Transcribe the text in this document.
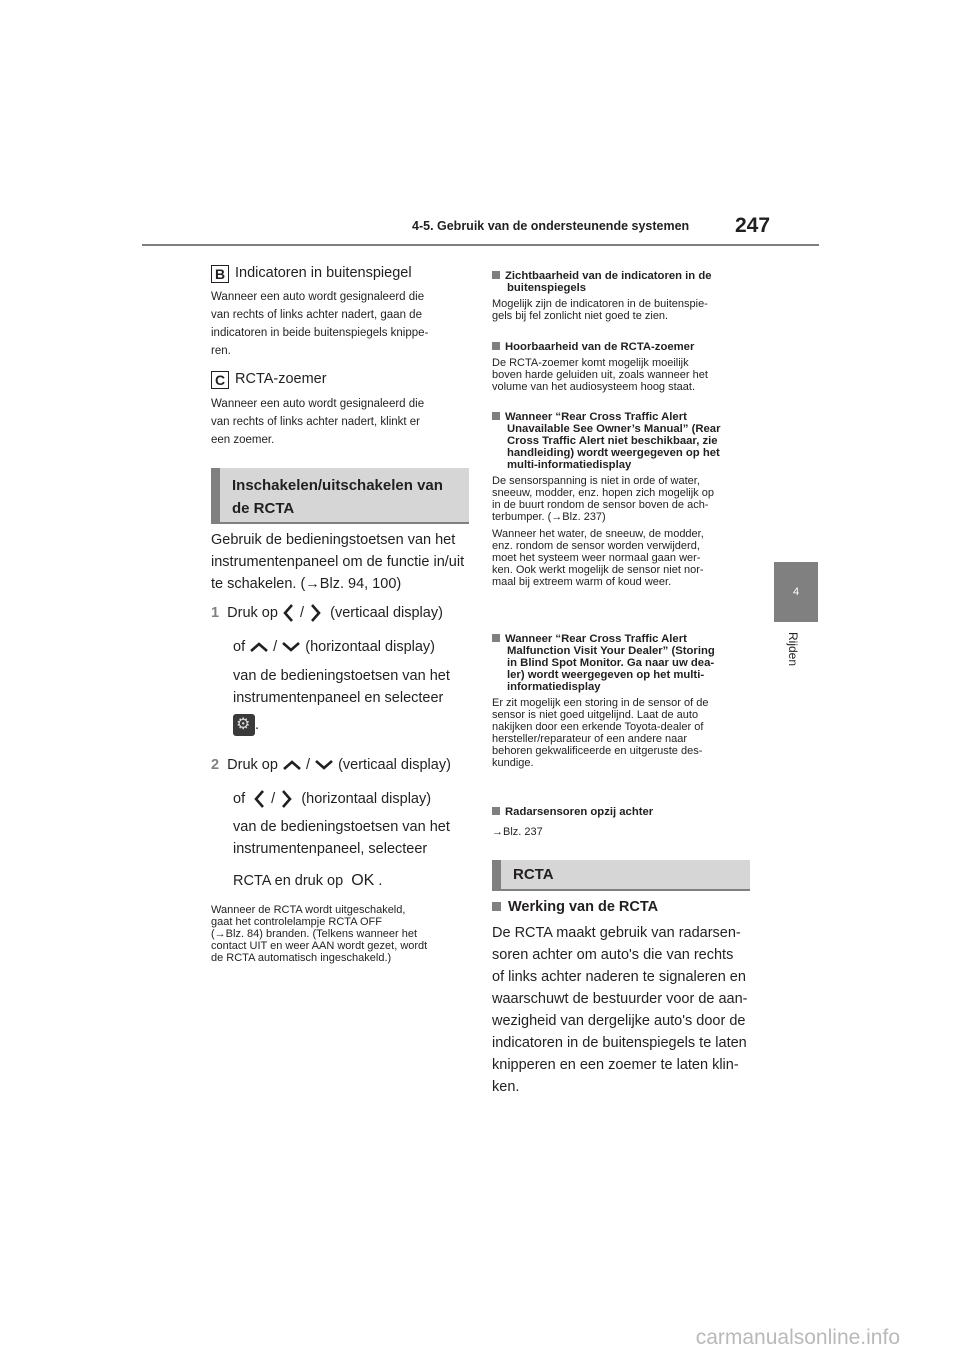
4-5. Gebruik van de ondersteunende systemen 247
4
Rijden
B Indicatoren in buitenspiegel
Wanneer een auto wordt gesignaleerd die
van rechts of links achter nadert, gaan de
indicatoren in beide buitenspiegels knippe-
ren.
C RCTA-zoemer
Wanneer een auto wordt gesignaleerd die
van rechts of links achter nadert, klinkt er
een zoemer.
Inschakelen/uitschakelen van
de RCTA
Gebruik de bedieningstoetsen van het
instrumentenpaneel om de functie in/uit
te schakelen. (→Blz. 94, 100)
1 Druk op / (verticaal display)
of
/
(horizontaal display)
van de bedieningstoetsen van het
instrumentenpaneel en selecteer
⚙ .
2 Druk op / (verticaal display)
of
/
(horizontaal display)
van de bedieningstoetsen van het
instrumentenpaneel, selecteer
RCTA en druk op OK .
Wanneer de RCTA wordt uitgeschakeld,
gaat het controlelampje RCTA OFF
(→Blz. 84) branden. (Telkens wanneer het
contact UIT en weer AAN wordt gezet, wordt
de RCTA automatisch ingeschakeld.)
Zichtbaarheid van de indicatoren in de
buitenspiegels
Mogelijk zijn de indicatoren in de buitenspie-
gels bij fel zonlicht niet goed te zien.
Hoorbaarheid van de RCTA-zoemer
De RCTA-zoemer komt mogelijk moeilijk
boven harde geluiden uit, zoals wanneer het
volume van het audiosysteem hoog staat.
Wanneer “Rear Cross Traffic Alert
Unavailable See Owner’s Manual” (Rear
Cross Traffic Alert niet beschikbaar, zie
handleiding) wordt weergegeven op het
multi-informatiedisplay
De sensorspanning is niet in orde of water,
sneeuw, modder, enz. hopen zich mogelijk op
in de buurt rondom de sensor boven de ach-
terbumper. (→Blz. 237)
Wanneer het water, de sneeuw, de modder,
enz. rondom de sensor worden verwijderd,
moet het systeem weer normaal gaan wer-
ken. Ook werkt mogelijk de sensor niet nor-
maal bij extreem warm of koud weer.
Wanneer “Rear Cross Traffic Alert
Malfunction Visit Your Dealer” (Storing
in Blind Spot Monitor. Ga naar uw dea-
ler) wordt weergegeven op het multi-
informatiedisplay
Er zit mogelijk een storing in de sensor of de
sensor is niet goed uitgelijnd. Laat de auto
nakijken door een erkende Toyota-dealer of
hersteller/reparateur of een andere naar
behoren gekwalificeerde en uitgeruste des-
kundige.
Radarsensoren opzij achter
→Blz. 237
RCTA
Werking van de RCTA
De RCTA maakt gebruik van radarsen-
soren achter om auto's die van rechts
of links achter naderen te signaleren en
waarschuwt de bestuurder voor de aan-
wezigheid van dergelijke auto's door de
indicatoren in de buitenspiegels te laten
knipperen en een zoemer te laten klin-
ken.
carmanualsonline.info
